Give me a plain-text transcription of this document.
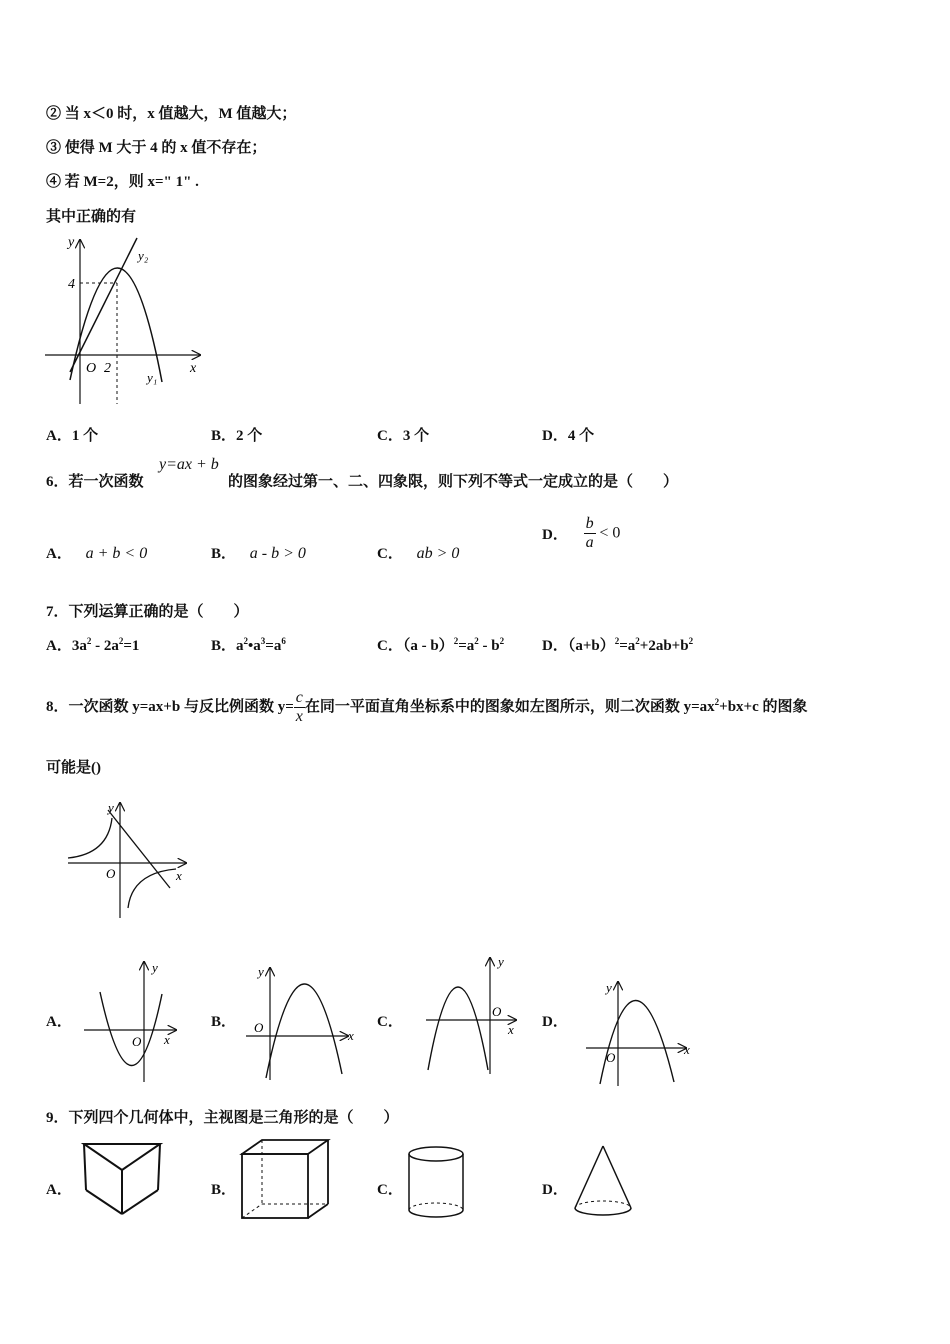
② 当 x＜0 时，x 值越大，M 值越大；
③ 使得 M 大于 4 的 x 值不存在；
④ 若 M=2，则 x=" 1" .
其中正确的有
y
x
O
4
2
y₂
y₁
A．1 个	B．2 个	C．3 个	D．4 个
6．若一次函数
y=ax + b
的图象经过第一、二、四象限，则下列不等式一定成立的是（　　）
A． a + b < 0	B． a - b > 0	C． ab > 0
D． $\frac{b}{a} < 0$
7．下列运算正确的是（　　）
A．$3a^2 - 2a^2=1$	B．$a^2•a^3=a^6$	C．$(a - b)^2=a^2 - b^2$	D．$(a+b)^2=a^2+2ab+b^2$
8．一次函数 y=ax+b 与反比例函数 $y= \frac{c}{x}$ 在同一平面直角坐标系中的图象如左图所示，则二次函数 $y=ax^2+bx+c$ 的图象
可能是()
y
x
O
A．
y
x
O
B．
y
x
O	C．
y
x
O
D．
y
x
O
9．下列四个几何体中，主视图是三角形的是（　　）
A．	B．	C．	D．
